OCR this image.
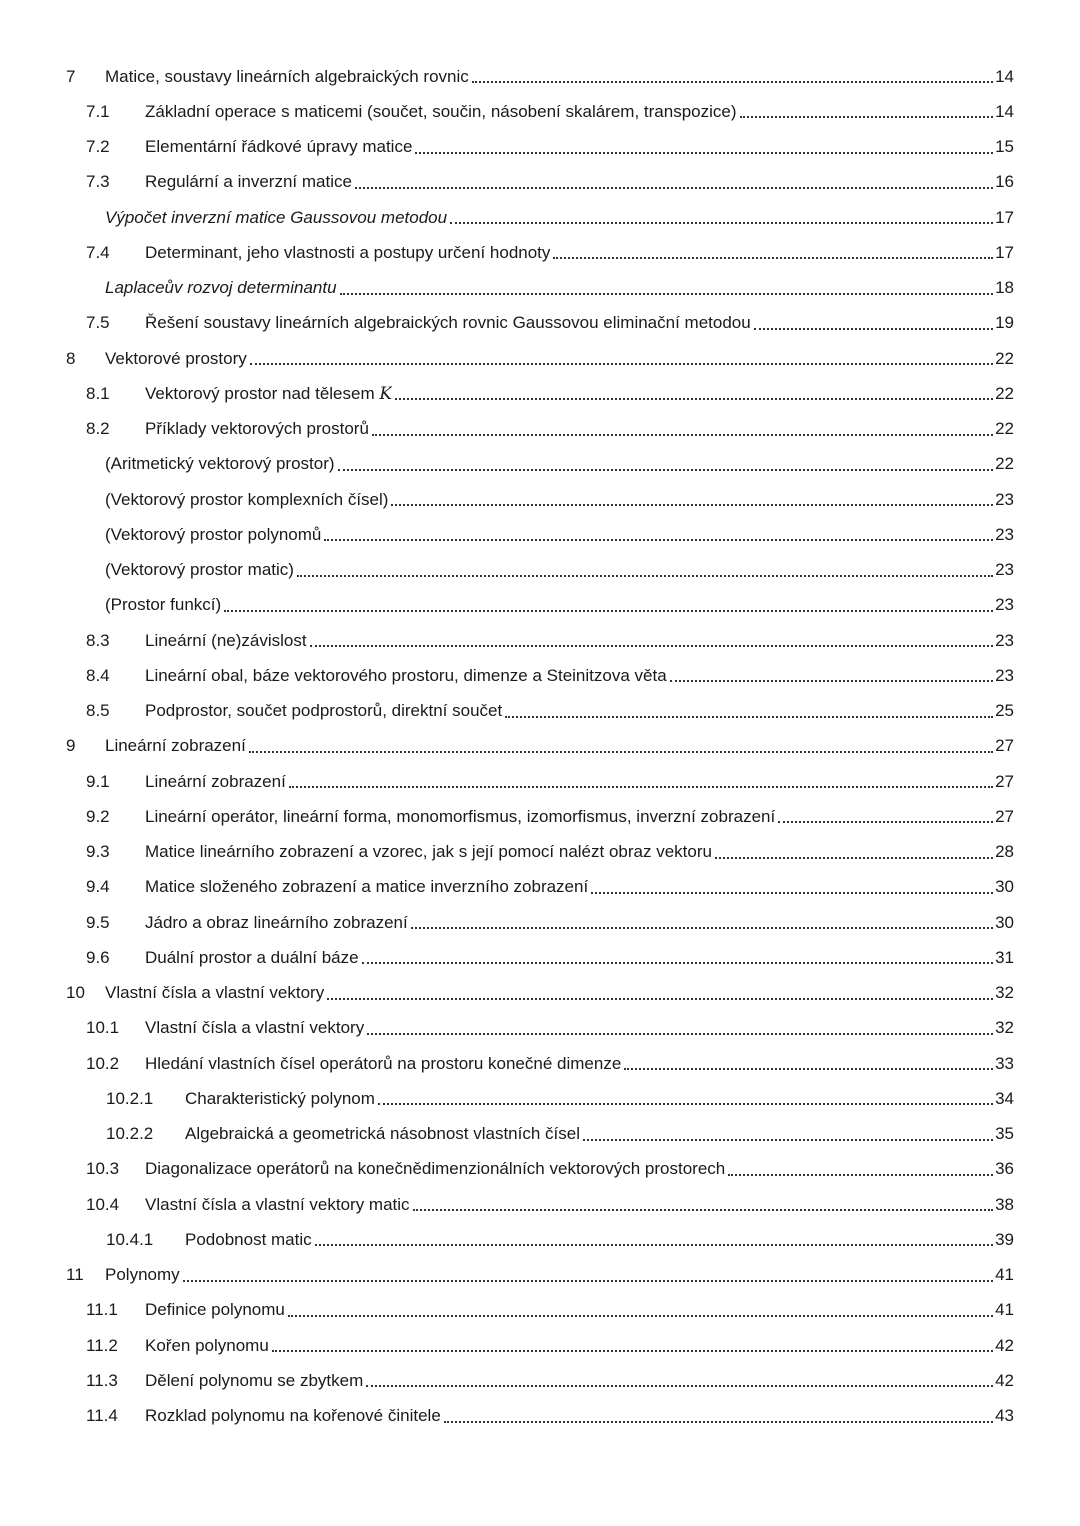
7	Matice, soustavy lineárních algebraických rovnic	14
7.1	Základní operace s maticemi (součet, součin, násobení skalárem, transpozice)	14
7.2	Elementární řádkové úpravy matice	15
7.3	Regulární a inverzní matice	16
Výpočet inverzní matice Gaussovou metodou	17
7.4	Determinant, jeho vlastnosti a postupy určení hodnoty	17
Laplaceův rozvoj determinantu	18
7.5	Řešení soustavy lineárních algebraických rovnic Gaussovou eliminační metodou	19
8	Vektorové prostory	22
8.1	Vektorový prostor nad tělesem K	22
8.2	Příklady vektorových prostorů	22
(Aritmetický vektorový prostor)	22
(Vektorový prostor komplexních čísel)	23
(Vektorový prostor polynomů	23
(Vektorový prostor matic)	23
(Prostor funkcí)	23
8.3	Lineární (ne)závislost	23
8.4	Lineární obal, báze vektorového prostoru, dimenze a Steinitzova věta	23
8.5	Podprostor, součet podprostorů, direktní součet	25
9	Lineární zobrazení	27
9.1	Lineární zobrazení	27
9.2	Lineární operátor, lineární forma, monomorfismus, izomorfismus, inverzní zobrazení	27
9.3	Matice lineárního zobrazení a vzorec, jak s její pomocí nalézt obraz vektoru	28
9.4	Matice složeného zobrazení a matice inverzního zobrazení	30
9.5	Jádro a obraz lineárního zobrazení	30
9.6	Duální prostor a duální báze	31
10	Vlastní čísla a vlastní vektory	32
10.1	Vlastní čísla a vlastní vektory	32
10.2	Hledání vlastních čísel operátorů na prostoru konečné dimenze	33
10.2.1	Charakteristický polynom	34
10.2.2	Algebraická a geometrická násobnost vlastních čísel	35
10.3	Diagonalizace operátorů na konečnědimenzionálních vektorových prostorech	36
10.4	Vlastní čísla a vlastní vektory matic	38
10.4.1	Podobnost matic	39
11	Polynomy	41
11.1	Definice polynomu	41
11.2	Kořen polynomu	42
11.3	Dělení polynomu se zbytkem	42
11.4	Rozklad polynomu na kořenové činitele	43
